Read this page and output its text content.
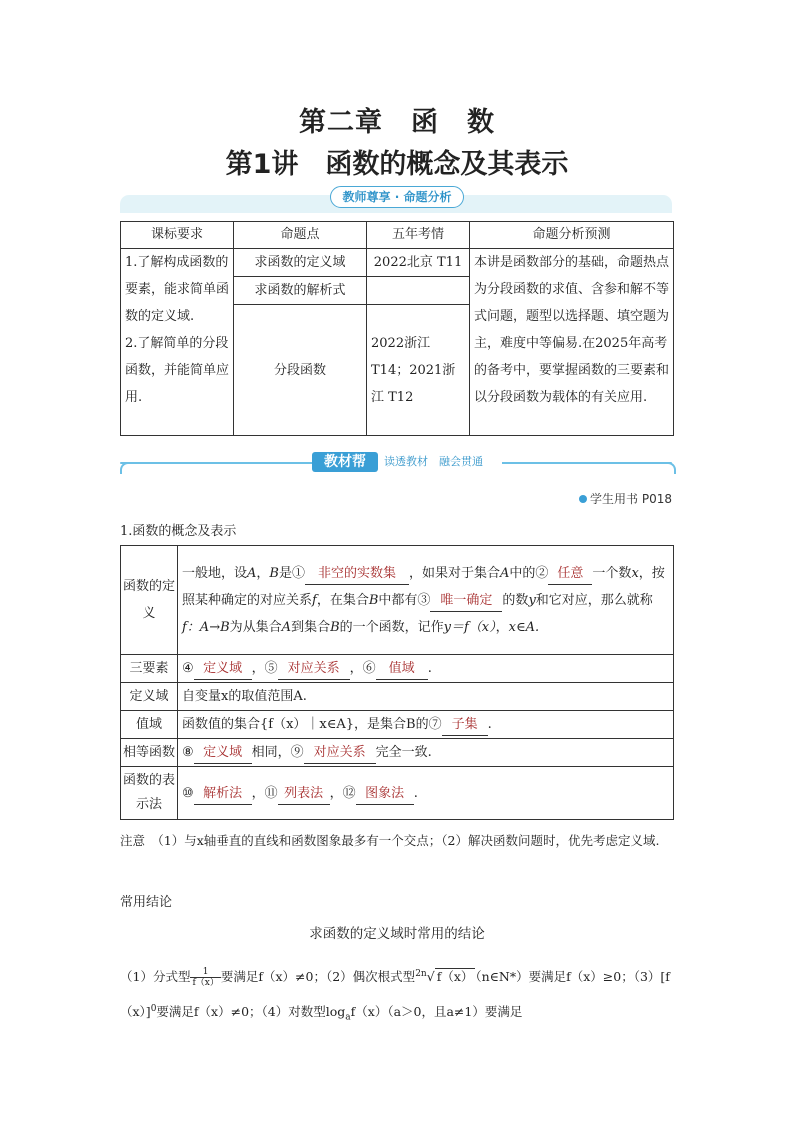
第二章　函　数
第1讲　函数的概念及其表示
教师尊享 · 命题分析
课标要求	命题点	五年考情	命题分析预测
1.了解构成函数的要素，能求简单函数的定义域.
2.了解简单的分段函数，并能简单应用.	求函数的定义域	2022北京 T11	本讲是函数部分的基础，命题热点为分段函数的求值、含参和解不等式问题，题型以选择题、填空题为主，难度中等偏易.在2025年高考的备考中，要掌握函数的三要素和以分段函数为载体的有关应用.
	求函数的解析式		
	分段函数	2022浙江 T14；2021浙江 T12	
教材帮	读透教材　融会贯通
学生用书 P018
1.函数的概念及表示
函数的定义	一般地，设A，B是① 非空的实数集 ，如果对于集合A中的② 任意 一个数x，按照某种确定的对应关系f，在集合B中都有③ 唯一确定 的数y和它对应，那么就称f：A→B为从集合A到集合B的一个函数，记作y＝f（x），x∈A.
三要素	④ 定义域 ，⑤ 对应关系 ，⑥ 值域 .
定义域	自变量x的取值范围A.
值域	函数值的集合{f（x）｜x∈A}，是集合B的⑦ 子集 .
相等函数	⑧ 定义域 相同，⑨ 对应关系 完全一致.
函数的表示法	⑩ 解析法 ，⑪ 列表法 ，⑫ 图象法 .
注意　（1）与x轴垂直的直线和函数图象最多有一个交点；（2）解决函数问题时，优先考虑定义域.
常用结论
求函数的定义域时常用的结论
（1）分式型 $\frac{1}{f(x)}$ 要满足f（x）≠0；（2）偶次根式型$^{2n}$√ f（x） （n∈N*）要满足f（x）≥0；$(3)[f(x)]^0$要满足f（x）≠0；（4）对数型$\log_af(x)(a>0$，且a≠1）要满足
